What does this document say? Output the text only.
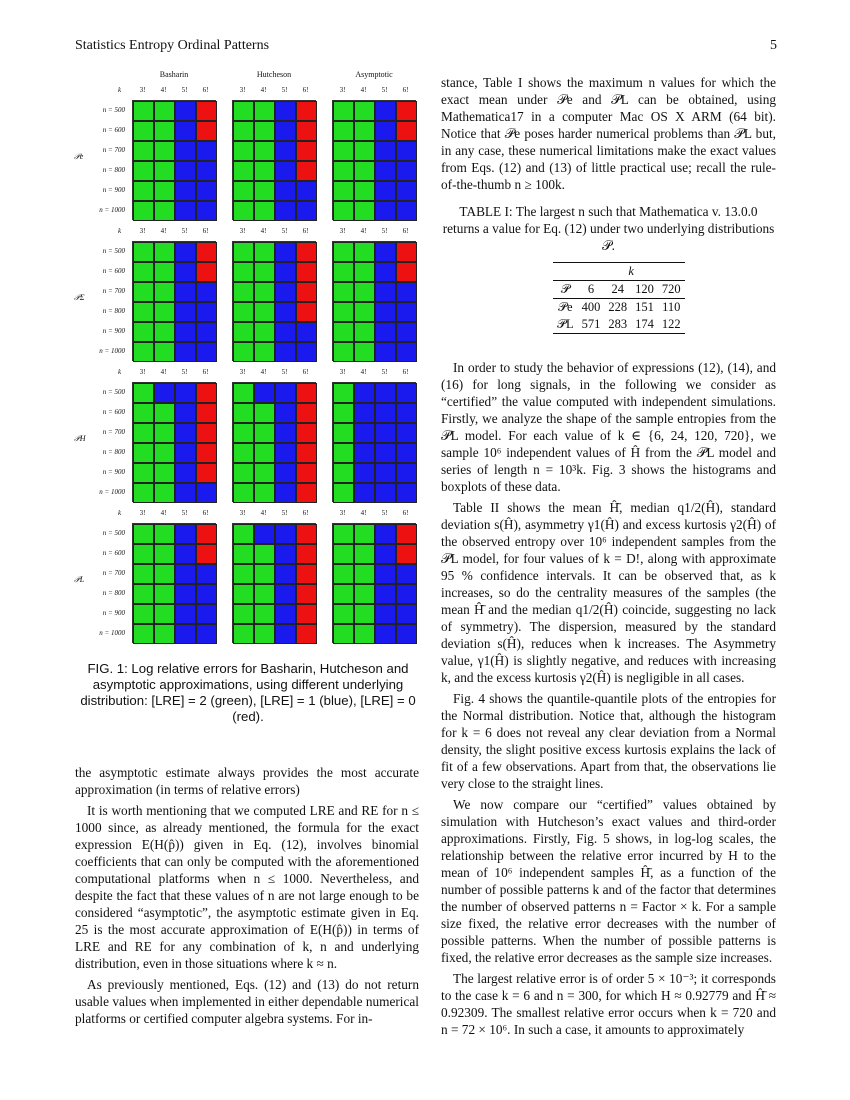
Statistics Entropy Ordinal Patterns	5
Basharin	Hutcheson	Asymptotic
k	3!	4!	5!	6!	3!	4!	5!	6!	3!	4!	5!	6!
n = 500
n = 600
n = 700
n = 800
n = 900
n = 1000
𝒫e
k	3!	4!	5!	6!	3!	4!	5!	6!	3!	4!	5!	6!
n = 500
n = 600
n = 700
n = 800
n = 900
n = 1000
𝒫Σ
k	3!	4!	5!	6!	3!	4!	5!	6!	3!	4!	5!	6!
n = 500
n = 600
n = 700
n = 800
n = 900
n = 1000
𝒫H
k	3!	4!	5!	6!	3!	4!	5!	6!	3!	4!	5!	6!
n = 500
n = 600
n = 700
n = 800
n = 900
n = 1000
𝒫L
FIG. 1: Log relative errors for Basharin, Hutcheson and asymptotic approximations, using different underlying distribution: [LRE] = 2 (green), [LRE] = 1 (blue), [LRE] = 0 (red).

the asymptotic estimate always provides the most accurate approximation (in terms of relative errors)

It is worth mentioning that we computed LRE and RE for n ≤ 1000 since, as already mentioned, the formula for the exact expression E(H(p̂)) given in Eq. (12), involves binomial coefficients that can only be computed with the aforementioned computational platforms when n ≤ 1000. Nevertheless, and despite the fact that these values of n are not large enough to be considered “asymptotic”, the asymptotic estimate given in Eq. 25 is the most accurate approximation of E(H(p̂)) in terms of LRE and RE for any combination of k, n and underlying distribution, even in those situations where k ≈ n.

As previously mentioned, Eqs. (12) and (13) do not return usable values when implemented in either dependable numerical platforms or certified computer algebra systems. For in-

stance, Table I shows the maximum n values for which the exact mean under 𝒫e and 𝒫L can be obtained, using Mathematica17 in a computer Mac OS X ARM (64 bit). Notice that 𝒫e poses harder numerical problems than 𝒫L but, in any case, these numerical limitations make the exact values from Eqs. (12) and (13) of little practical use; recall the rule-of-the-thumb n ≥ 100k.

TABLE I: The largest n such that Mathematica v. 13.0.0 returns a value for Eq. (12) under two underlying distributions 𝒫.
	k			
𝒫	6	24	120	720
𝒫e	400	228	151	110
𝒫L	571	283	174	122

In order to study the behavior of expressions (12), (14), and (16) for long signals, in the following we consider as “certified” the value computed with independent simulations. Firstly, we analyze the shape of the sample entropies from the 𝒫L model. For each value of k ∈ {6, 24, 120, 720}, we sample 10⁶ independent values of Ĥ from the 𝒫L model and series of length n = 10³k. Fig. 3 shows the histograms and boxplots of these data.

Table II shows the mean Ĥ̄, median q1/2(Ĥ), standard deviation s(Ĥ), asymmetry γ1(Ĥ) and excess kurtosis γ2(Ĥ) of the observed entropy over 10⁶ independent samples from the 𝒫L model, for four values of k = D!, along with approximate 95 % confidence intervals. It can be observed that, as k increases, so do the centrality measures of the samples (the mean Ĥ̄ and the median q1/2(Ĥ) coincide, suggesting no lack of symmetry). The dispersion, measured by the standard deviation s(Ĥ), reduces when k increases. The Asymmetry value, γ1(Ĥ) is slightly negative, and reduces with increasing k, and the excess kurtosis γ2(Ĥ) is negligible in all cases.

Fig. 4 shows the quantile-quantile plots of the entropies for the Normal distribution. Notice that, although the histogram for k = 6 does not reveal any clear deviation from a Normal density, the slight positive excess kurtosis explains the lack of fit of a few observations. Apart from that, the observations lie very close to the straight lines.

We now compare our “certified” values obtained by simulation with Hutcheson’s exact values and third-order approximations. Firstly, Fig. 5 shows, in log-log scales, the relationship between the relative error incurred by H to the mean of 10⁶ independent samples Ĥ̄, as a function of the number of possible patterns k and of the factor that determines the number of observed patterns n = Factor × k. For a sample size fixed, the relative error decreases with the number of possible patterns. When the number of possible patterns is fixed, the relative error decreases as the sample size increases.

The largest relative error is of order 5 × 10⁻³; it corresponds to the case k = 6 and n = 300, for which H ≈ 0.92779 and Ĥ̄ ≈ 0.92309. The smallest relative error occurs when k = 720 and n = 72 × 10⁶. In such a case, it amounts to approximately
